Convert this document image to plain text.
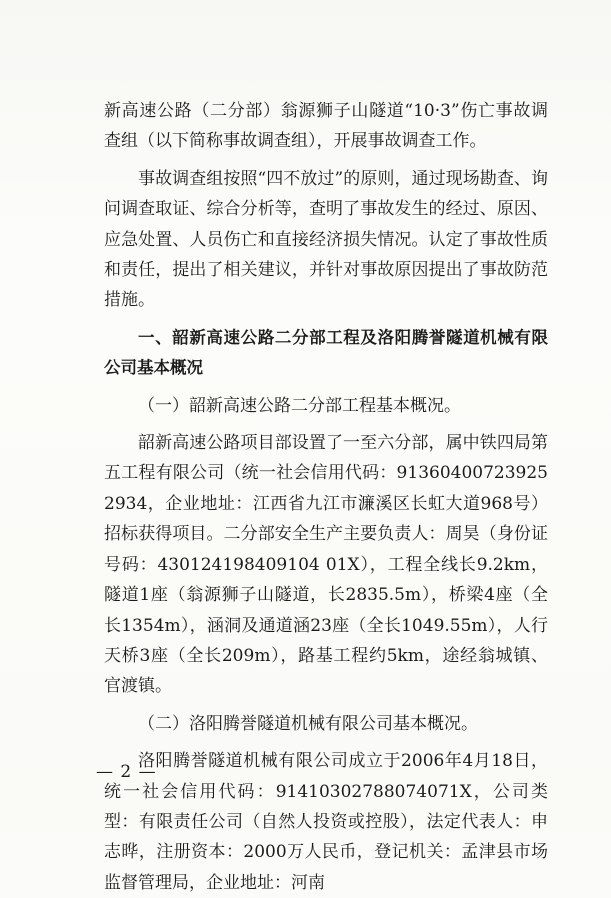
新高速公路（二分部）翁源狮子山隧道“10·3”伤亡事故调查组（以下简称事故调查组），开展事故调查工作。

事故调查组按照“四不放过”的原则，通过现场勘查、询问调查取证、综合分析等，查明了事故发生的经过、原因、应急处置、人员伤亡和直接经济损失情况。认定了事故性质和责任，提出了相关建议，并针对事故原因提出了事故防范措施。

一、韶新高速公路二分部工程及洛阳腾誉隧道机械有限公司基本概况

（一）韶新高速公路二分部工程基本概况。

韶新高速公路项目部设置了一至六分部，属中铁四局第五工程有限公司（统一社会信用代码：913604007239252934，企业地址：江西省九江市濂溪区长虹大道968号）招标获得项目。二分部安全生产主要负责人：周昊（身份证号码：430124198409104 01X），工程全线长9.2km，隧道1座（翁源狮子山隧道，长2835.5m），桥梁4座（全长1354m），涵洞及通道涵23座（全长1049.55m），人行天桥3座（全长209m），路基工程约5km，途经翁城镇、官渡镇。

（二）洛阳腾誉隧道机械有限公司基本概况。

洛阳腾誉隧道机械有限公司成立于2006年4月18日，统一社会信用代码：91410302788074071X，公司类型：有限责任公司（自然人投资或控股），法定代表人：申志晔，注册资本：2000万人民币，登记机关：孟津县市场监督管理局，企业地址：河南

— 2 —
